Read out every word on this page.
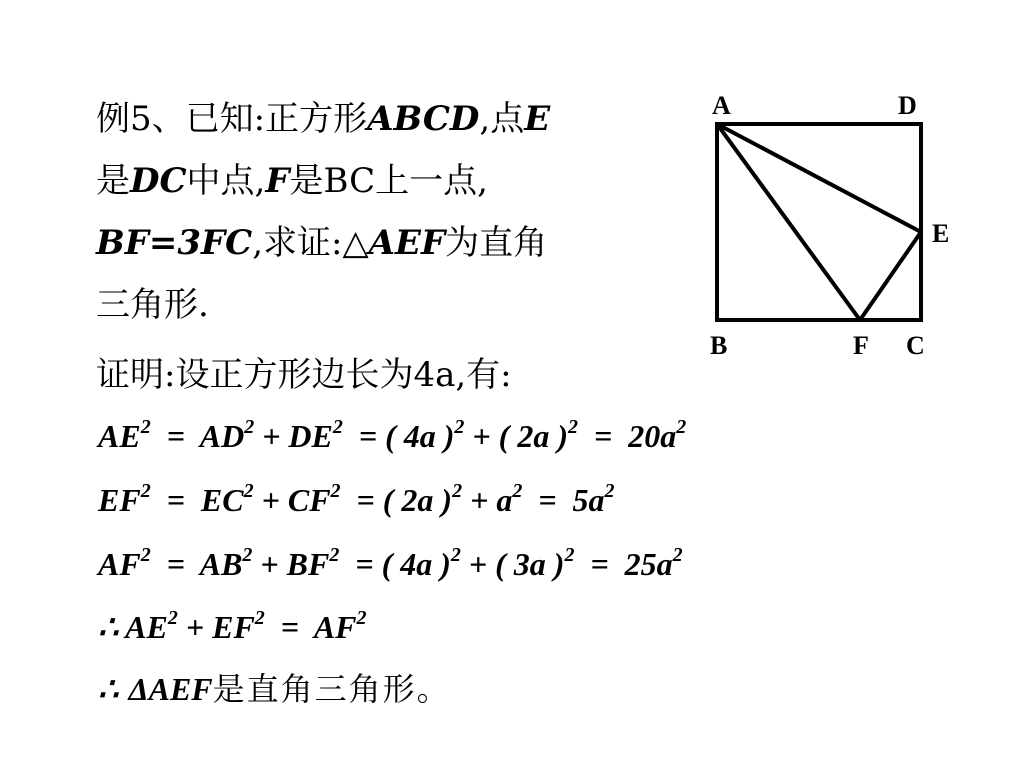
例5、已知:正方形ABCD,点E
是DC中点,F是BC上一点,
BF=3FC,求证:△AEF为直角
三角形.
证明:设正方形边长为4a,有:
$AE^2 = AD^2 + DE^2$  = ( 4a )$^2$ + ( 2a )$^2 = 20a^2$
$EF^2 = EC^2 + CF^2$  = ( 2a )$^2 + a^2 = 5a^2$
$AF^2 = AB^2 + BF^2$  = ( 4a )$^2$ + ( 3a )$^2 = 25a^2$
∴ $AE^2 + EF^2 = AF^2$
∴ ΔAEF是直角三角形。
A	D
E
B	F C
